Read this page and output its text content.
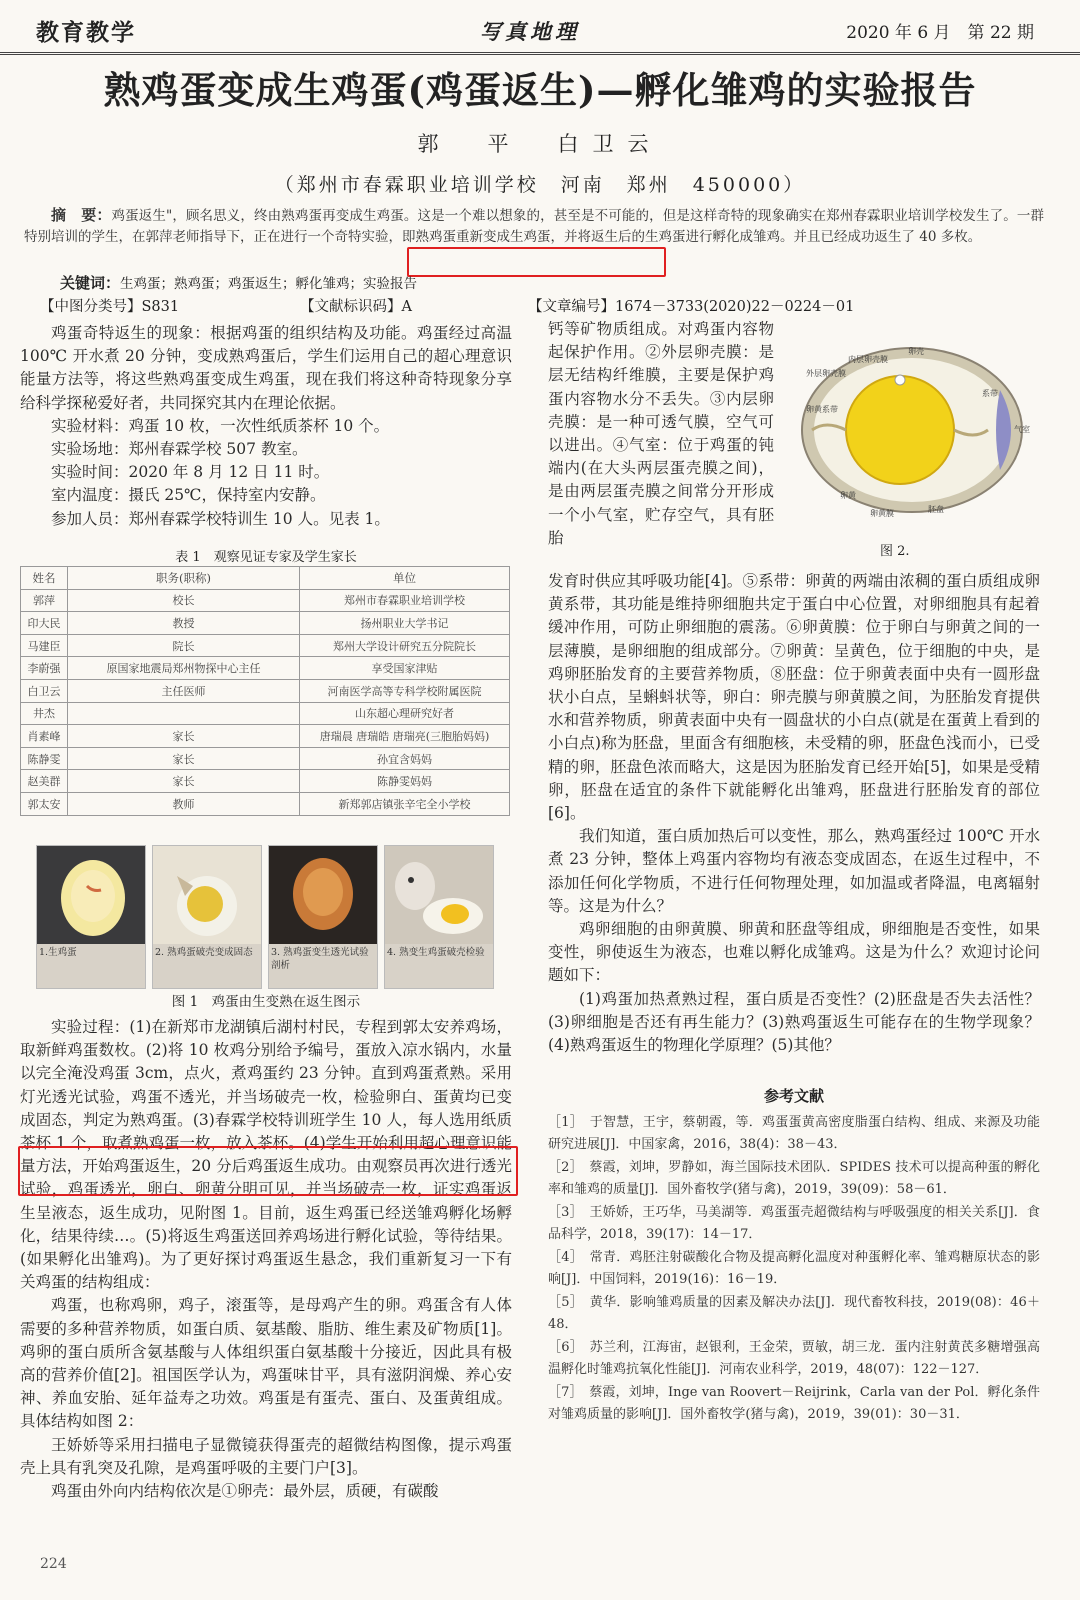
教育教学	写真地理	2020 年 6 月　第 22 期
熟鸡蛋变成生鸡蛋(鸡蛋返生)—孵化雏鸡的实验报告
郭　平　白卫云
（郑州市春霖职业培训学校　河南　郑州　450000）
摘　要：鸡蛋返生"，顾名思义，终由熟鸡蛋再变成生鸡蛋。这是一个难以想象的，甚至是不可能的，但是这样奇特的现象确实在郑州春霖职业培训学校发生了。一群特别培训的学生，在郭萍老师指导下，正在进行一个奇特实验，即熟鸡蛋重新变成生鸡蛋，并将返生后的生鸡蛋进行孵化成雏鸡。并且已经成功返生了 40 多枚。
关键词：生鸡蛋；熟鸡蛋；鸡蛋返生；孵化雏鸡；实验报告
【中图分类号】S831	【文献标识码】A	【文章编号】1674－3733(2020)22－0224－01

鸡蛋奇特返生的现象：根据鸡蛋的组织结构及功能。鸡蛋经过高温 100℃ 开水煮 20 分钟，变成熟鸡蛋后，学生们运用自己的超心理意识能量方法等，将这些熟鸡蛋变成生鸡蛋，现在我们将这种奇特现象分享给科学探秘爱好者，共同探究其内在理论依据。

实验材料：鸡蛋 10 枚，一次性纸质茶杯 10 个。

实验场地：郑州春霖学校 507 教室。

实验时间：2020 年 8 月 12 日 11 时。

室内温度：摄氏 25℃，保持室内安静。

参加人员：郑州春霖学校特训生 10 人。见表 1。

表 1　观察见证专家及学生家长
姓名	职务(职称)	单位
郭萍	校长	郑州市春霖职业培训学校
印大民	教授	扬州职业大学书记
马建臣	院长	郑州大学设计研究五分院院长
李蔚强	原国家地震局郑州物探中心主任	享受国家津贴
白卫云	主任医师	河南医学高等专科学校附属医院
井杰		山东超心理研究好者
肖素峰	家长	唐瑞晨 唐瑞皓 唐瑞亮(三胞胎妈妈)
陈静雯	家长	孙宜含妈妈
赵美群	家长	陈静雯妈妈
郭太安	教师	新郑郭店镇张辛宅全小学校
1.生鸡蛋	2. 熟鸡蛋破壳变成固态	3. 熟鸡蛋变生透光试验剖析
4. 熟变生鸡蛋破壳检验
图 1　鸡蛋由生变熟在返生图示

实验过程：(1)在新郑市龙湖镇后湖村村民，专程到郭太安养鸡场，取新鲜鸡蛋数枚。(2)将 10 枚鸡分别给予编号，蛋放入凉水锅内，水量以完全淹没鸡蛋 3cm，点火，煮鸡蛋约 23 分钟。直到鸡蛋煮熟。采用灯光透光试验，鸡蛋不透光，并当场破壳一枚，检验卵白、蛋黄均已变成固态，判定为熟鸡蛋。(3)春霖学校特训班学生 10 人，每人选用纸质茶杯 1 个，取煮熟鸡蛋一枚，放入茶杯。(4)学生开始利用超心理意识能量方法，开始鸡蛋返生，20 分后鸡蛋返生成功。由观察员再次进行透光试验，鸡蛋透光，卵白、卵黄分明可见，并当场破壳一枚，证实鸡蛋返生呈液态，返生成功，见附图 1。目前，返生鸡蛋已经送雏鸡孵化场孵化，结果待续…。(5)将返生鸡蛋送回养鸡场进行孵化试验，等待结果。(如果孵化出雏鸡)。为了更好探讨鸡蛋返生悬念，我们重新复习一下有关鸡蛋的结构组成：

鸡蛋，也称鸡卵，鸡子，滚蛋等，是母鸡产生的卵。鸡蛋含有人体需要的多种营养物质，如蛋白质、氨基酸、脂肪、维生素及矿物质[1]。鸡卵的蛋白质所含氨基酸与人体组织蛋白氨基酸十分接近，因此具有极高的营养价值[2]。祖国医学认为，鸡蛋味甘平，具有滋阴润燥、养心安神、养血安胎、延年益寿之功效。鸡蛋是有蛋壳、蛋白、及蛋黄组成。具体结构如图 2：

王娇娇等采用扫描电子显微镜获得蛋壳的超微结构图像，提示鸡蛋壳上具有乳突及孔隙，是鸡蛋呼吸的主要门户[3]。

鸡蛋由外向内结构依次是①卵壳：最外层，质硬，有碳酸

钙等矿物质组成。对鸡蛋内容物起保护作用。②外层卵壳膜：是层无结构纤维膜，主要是保护鸡蛋内容物水分不丢失。③内层卵壳膜：是一种可透气膜，空气可以进出。④气室：位于鸡蛋的钝端内(在大头两层蛋壳膜之间)，是由两层蛋壳膜之间常分开形成一个小气室，贮存空气，具有胚胎

外层卵壳膜
内层卵壳膜
卵壳
卵黄系带
系带
卵黄
卵黄膜	胚盘
气室
图 2.

发育时供应其呼吸功能[4]。⑤系带：卵黄的两端由浓稠的蛋白质组成卵黄系带，其功能是维持卵细胞共定于蛋白中心位置，对卵细胞具有起着缓冲作用，可防止卵细胞的震荡。⑥卵黄膜：位于卵白与卵黄之间的一层薄膜，是卵细胞的组成部分。⑦卵黄：呈黄色，位于细胞的中央，是鸡卵胚胎发育的主要营养物质，⑧胚盘：位于卵黄表面中央有一圆形盘状小白点，呈蝌蚪状等，卵白：卵壳膜与卵黄膜之间，为胚胎发育提供水和营养物质，卵黄表面中央有一圆盘状的小白点(就是在蛋黄上看到的小白点)称为胚盘，里面含有细胞核，未受精的卵，胚盘色浅而小，已受精的卵，胚盘色浓而略大，这是因为胚胎发育已经开始[5]，如果是受精卵，胚盘在适宜的条件下就能孵化出雏鸡，胚盘进行胚胎发育的部位[6]。

我们知道，蛋白质加热后可以变性，那么，熟鸡蛋经过 100℃ 开水煮 23 分钟，整体上鸡蛋内容物均有液态变成固态，在返生过程中，不添加任何化学物质，不进行任何物理处理，如加温或者降温，电离辐射等。这是为什么？

鸡卵细胞的由卵黄膜、卵黄和胚盘等组成，卵细胞是否变性，如果变性，卵使返生为液态，也难以孵化成雏鸡。这是为什么？欢迎讨论问题如下：

(1)鸡蛋加热煮熟过程，蛋白质是否变性？(2)胚盘是否失去活性？(3)卵细胞是否还有再生能力？(3)熟鸡蛋返生可能存在的生物学现象？(4)熟鸡蛋返生的物理化学原理？(5)其他？

参考文献
［1］　于智慧，王宇，蔡朝霞，等．鸡蛋蛋黄高密度脂蛋白结构、组成、来源及功能研究进展[J]．中国家禽，2016，38(4)：38－43．
［2］　蔡霞，刘坤，罗静如，海兰国际技术团队．SPIDES 技术可以提高种蛋的孵化率和雏鸡的质量[J]．国外畜牧学(猪与禽)，2019，39(09)：58－61．
［3］　王娇娇，王巧华，马美湖等．鸡蛋蛋壳超微结构与呼吸强度的相关关系[J]．食品科学，2018，39(17)：14－17．
［4］　常青．鸡胚注射碳酸化合物及提高孵化温度对种蛋孵化率、雏鸡糖原状态的影响[J]．中国饲料，2019(16)：16－19．
［5］　黄华．影响雏鸡质量的因素及解决办法[J]．现代畜牧科技，2019(08)：46＋48．
［6］　苏兰利，江海宙，赵银利，王金荣，贾敏，胡三龙．蛋内注射黄芪多糖增强高温孵化时雏鸡抗氧化性能[J]．河南农业科学，2019，48(07)：122－127．
［7］　蔡霞，刘坤，Inge van Roovert－Reijrink，Carla van der Pol．孵化条件对雏鸡质量的影响[J]．国外畜牧学(猪与禽)，2019，39(01)：30－31．
224
